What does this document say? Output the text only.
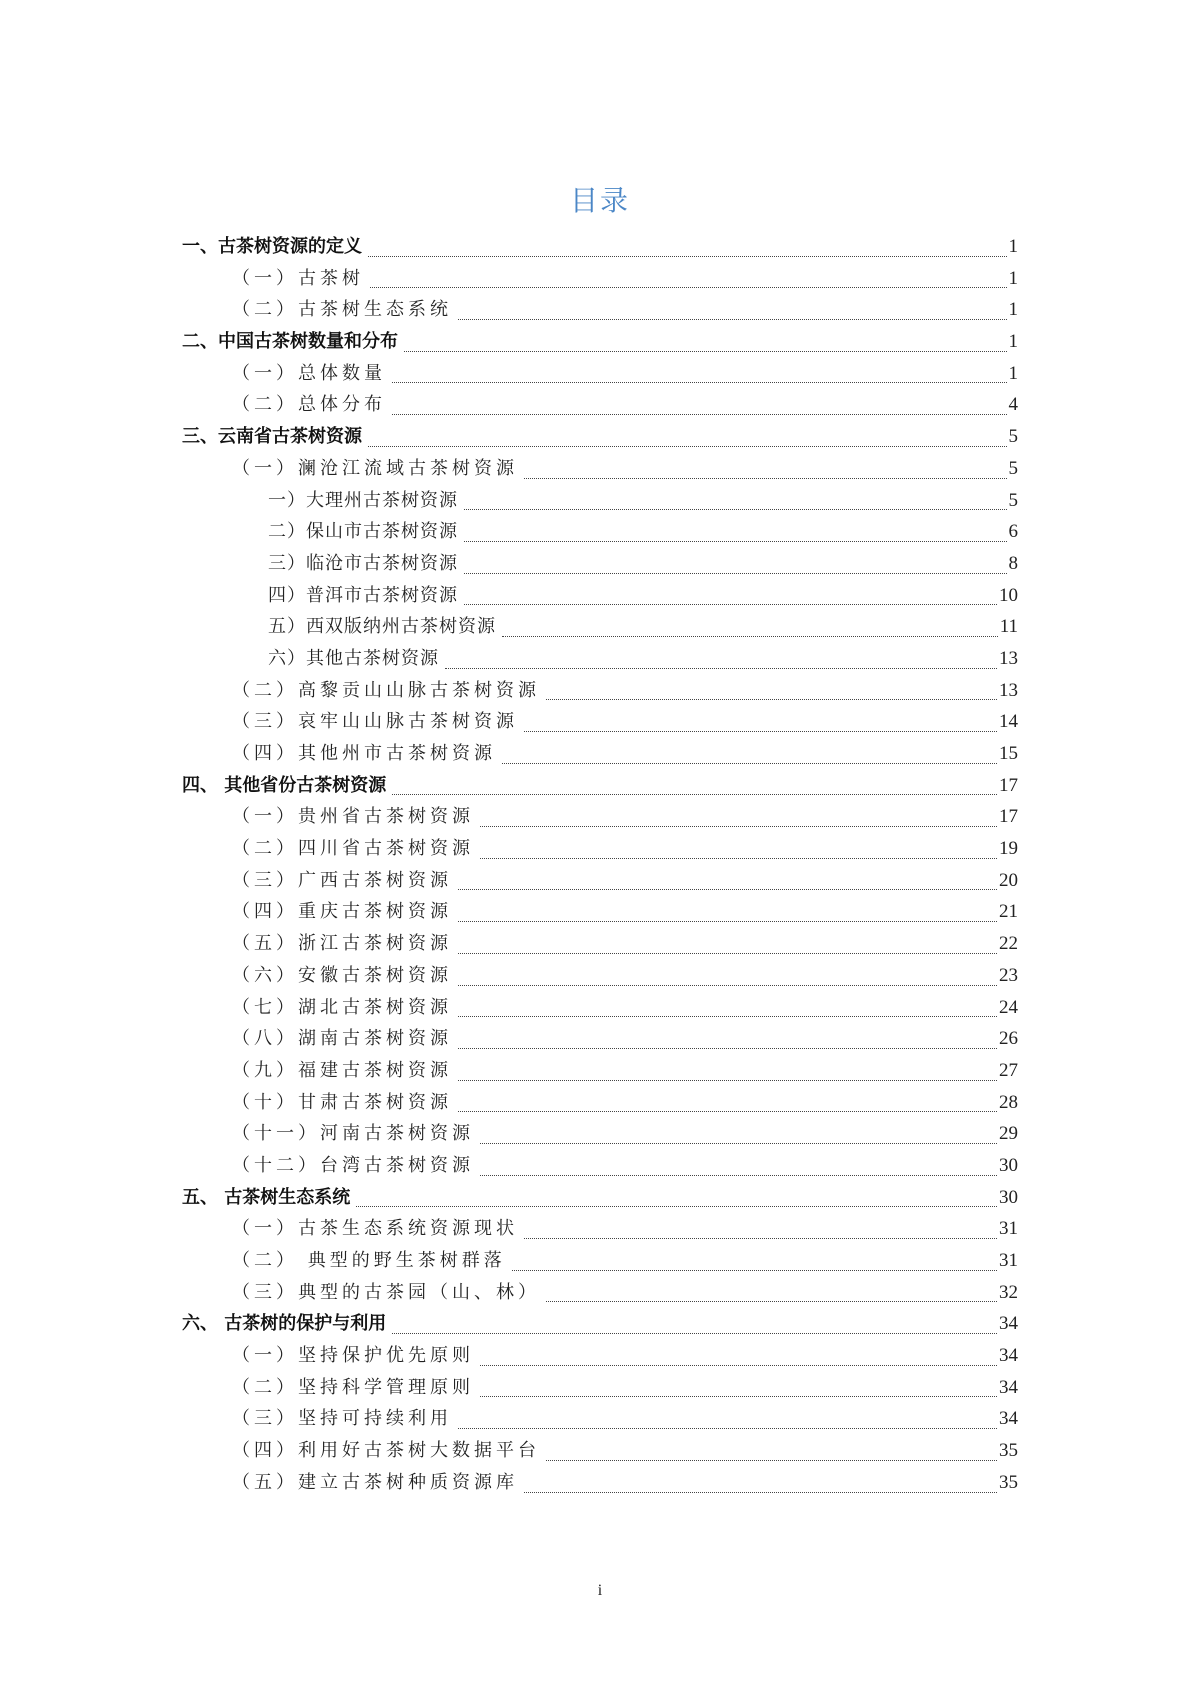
目录
一、古茶树资源的定义	1
（一）古茶树	1
（二）古茶树生态系统	1
二、中国古茶树数量和分布	1
（一）总体数量	1
（二）总体分布	4
三、云南省古茶树资源	5
（一）澜沧江流域古茶树资源	5
一）大理州古茶树资源	5
二）保山市古茶树资源	6
三）临沧市古茶树资源	8
四）普洱市古茶树资源	10
五）西双版纳州古茶树资源	11
六）其他古茶树资源	13
（二）高黎贡山山脉古茶树资源	13
（三）哀牢山山脉古茶树资源	14
（四）其他州市古茶树资源	15
四、 其他省份古茶树资源	17
（一）贵州省古茶树资源	17
（二）四川省古茶树资源	19
（三）广西古茶树资源	20
（四）重庆古茶树资源	21
（五）浙江古茶树资源	22
（六）安徽古茶树资源	23
（七）湖北古茶树资源	24
（八）湖南古茶树资源	26
（九）福建古茶树资源	27
（十）甘肃古茶树资源	28
（十一）河南古茶树资源	29
（十二）台湾古茶树资源	30
五、 古茶树生态系统	30
（一）古茶生态系统资源现状	31
（二） 典型的野生茶树群落	31
（三）典型的古茶园（山、林）	32
六、 古茶树的保护与利用	34
（一）坚持保护优先原则	34
（二）坚持科学管理原则	34
（三）坚持可持续利用	34
（四）利用好古茶树大数据平台	35
（五）建立古茶树种质资源库	35
i
